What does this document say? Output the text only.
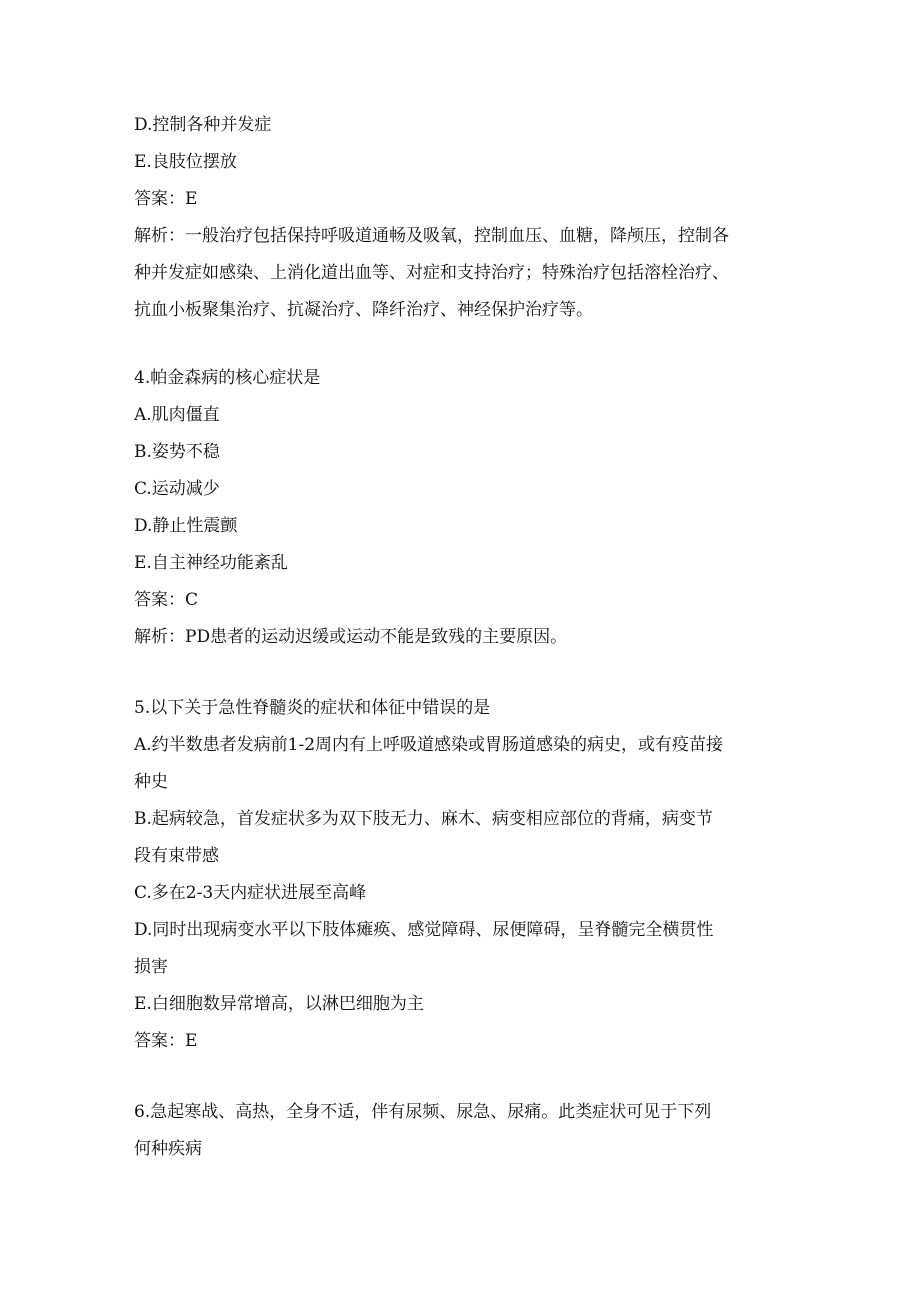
D.控制各种并发症
E.良肢位摆放
答案：E
解析：一般治疗包括保持呼吸道通畅及吸氧，控制血压、血糖，降颅压，控制各
种并发症如感染、上消化道出血等、对症和支持治疗；特殊治疗包括溶栓治疗、
抗血小板聚集治疗、抗凝治疗、降纤治疗、神经保护治疗等。
4.帕金森病的核心症状是
A.肌肉僵直
B.姿势不稳
C.运动减少
D.静止性震颤
E.自主神经功能紊乱
答案：C
解析：PD患者的运动迟缓或运动不能是致残的主要原因。
5.以下关于急性脊髓炎的症状和体征中错误的是
A.约半数患者发病前1-2周内有上呼吸道感染或胃肠道感染的病史，或有疫苗接
种史
B.起病较急，首发症状多为双下肢无力、麻木、病变相应部位的背痛，病变节
段有束带感
C.多在2-3天内症状进展至高峰
D.同时出现病变水平以下肢体瘫痪、感觉障碍、尿便障碍，呈脊髓完全横贯性
损害
E.白细胞数异常增高，以淋巴细胞为主
答案：E
6.急起寒战、高热，全身不适，伴有尿频、尿急、尿痛。此类症状可见于下列
何种疾病
